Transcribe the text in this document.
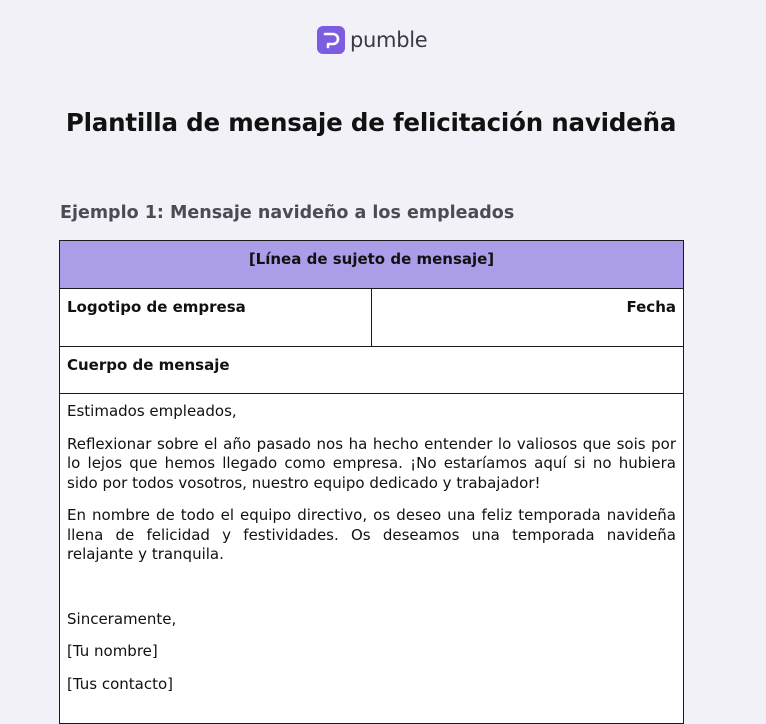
pumble
Plantilla de mensaje de felicitación navideña
Ejemplo 1: Mensaje navideño a los empleados
[Línea de sujeto de mensaje]
Logotipo de empresa	Fecha
Cuerpo de mensaje

Estimados empleados,

Reflexionar sobre el año pasado nos ha hecho entender lo valiosos que sois por lo lejos que hemos llegado como empresa. ¡No estaríamos aquí si no hubiera sido por todos vosotros, nuestro equipo dedicado y trabajador!

En nombre de todo el equipo directivo, os deseo una feliz temporada navideña llena de felicidad y festividades. Os deseamos una temporada navideña relajante y tranquila.

Sinceramente,

[Tu nombre]

[Tus contacto]
